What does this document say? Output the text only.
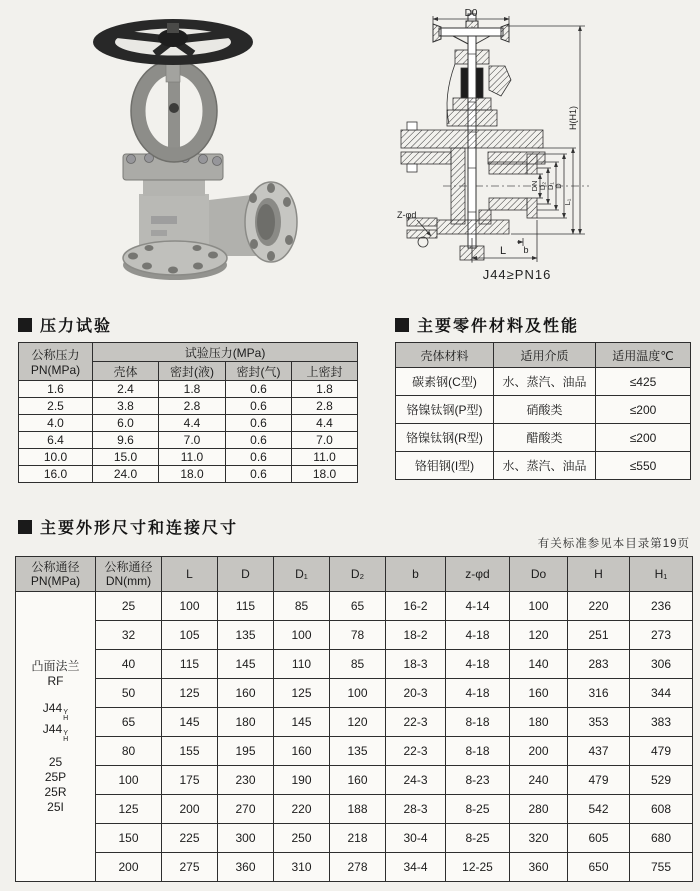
D0
H(H1)
DN D₂ D₁ D
L₁
L b
Z-φd
J44≥PN16
压力试验
公称压力
PN(MPa)	试验压力(MPa)			
	壳体	密封(液)	密封(气)	上密封
1.6	2.4	1.8	0.6	1.8
2.5	3.8	2.8	0.6	2.8
4.0	6.0	4.4	0.6	4.4
6.4	9.6	7.0	0.6	7.0
10.0	15.0	11.0	0.6	11.0
16.0	24.0	18.0	0.6	18.0
主要零件材料及性能
壳体材料	适用介质	适用温度℃
碳素钢(C型)	水、蒸汽、油品	≤425
铬镍钛钢(P型)	硝酸类	≤200
铬镍钛钢(R型)	醋酸类	≤200
铬钼钢(I型)	水、蒸汽、油品	≤550
主要外形尺寸和连接尺寸
有关标准参见本目录第19页
公称通径
PN(MPa)

公称通径
DN(mm)	L	D	D₁	D₂	b	z-φd	Do	H	H₁

凸面法兰
RF
J44 Y
H
J44 Y
H
25
25P
25R
25I
	25	100	115	85	65	16-2	4-14	100	220	236
	32	105	135	100	78	18-2	4-18	120	251	273
	40	115	145	110	85	18-3	4-18	140	283	306
	50	125	160	125	100	20-3	4-18	160	316	344
	65	145	180	145	120	22-3	8-18	180	353	383
	80	155	195	160	135	22-3	8-18	200	437	479
	100	175	230	190	160	24-3	8-23	240	479	529
	125	200	270	220	188	28-3	8-25	280	542	608
	150	225	300	250	218	30-4	8-25	320	605	680
	200	275	360	310	278	34-4	12-25	360	650	755
